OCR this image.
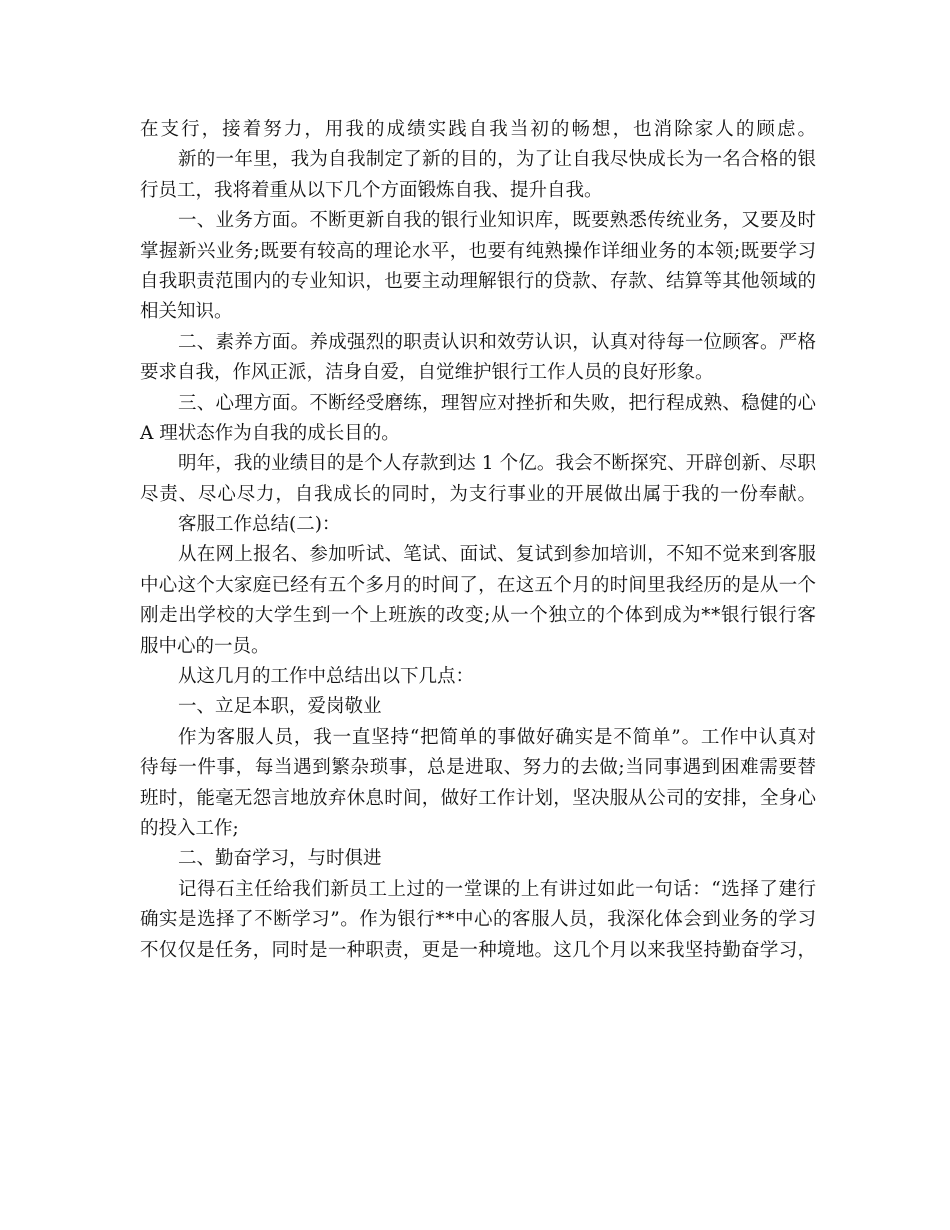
在支行，接着努力，用我的成绩实践自我当初的畅想，也消除家人的顾虑。
新的一年里，我为自我制定了新的目的，为了让自我尽快成长为一名合格的银
行员工，我将着重从以下几个方面锻炼自我、提升自我。
一、业务方面。不断更新自我的银行业知识库，既要熟悉传统业务，又要及时
掌握新兴业务;既要有较高的理论水平，也要有纯熟操作详细业务的本领;既要学习
自我职责范围内的专业知识，也要主动理解银行的贷款、存款、结算等其他领域的
相关知识。
二、素养方面。养成强烈的职责认识和效劳认识，认真对待每一位顾客。严格
要求自我，作风正派，洁身自爱，自觉维护银行工作人员的良好形象。
三、心理方面。不断经受磨练，理智应对挫折和失败，把行程成熟、稳健的心
A 理状态作为自我的成长目的。
明年，我的业绩目的是个人存款到达 1 个亿。我会不断探究、开辟创新、尽职
尽责、尽心尽力，自我成长的同时，为支行事业的开展做出属于我的一份奉献。
客服工作总结(二)：
从在网上报名、参加听试、笔试、面试、复试到参加培训，不知不觉来到客服
中心这个大家庭已经有五个多月的时间了，在这五个月的时间里我经历的是从一个
刚走出学校的大学生到一个上班族的改变;从一个独立的个体到成为**银行银行客
服中心的一员。
从这几月的工作中总结出以下几点：
一、立足本职，爱岗敬业
作为客服人员，我一直坚持“把简单的事做好确实是不简单”。工作中认真对
待每一件事，每当遇到繁杂琐事，总是进取、努力的去做;当同事遇到困难需要替
班时，能毫无怨言地放弃休息时间，做好工作计划，坚决服从公司的安排，全身心
的投入工作;
二、勤奋学习，与时俱进
记得石主任给我们新员工上过的一堂课的上有讲过如此一句话：“选择了建行
确实是选择了不断学习”。作为银行**中心的客服人员，我深化体会到业务的学习
不仅仅是任务，同时是一种职责，更是一种境地。这几个月以来我坚持勤奋学习，
